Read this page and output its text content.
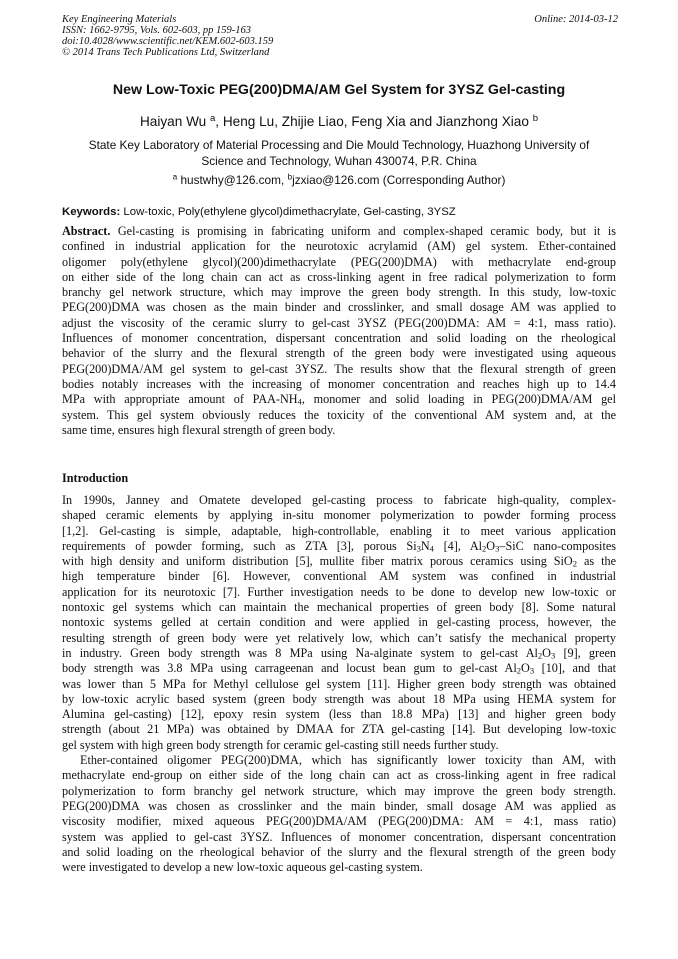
Key Engineering Materials
ISSN: 1662-9795, Vols. 602-603, pp 159-163
doi:10.4028/www.scientific.net/KEM.602-603.159
© 2014 Trans Tech Publications Ltd, Switzerland
Online: 2014-03-12
New Low-Toxic PEG(200)DMA/AM Gel System for 3YSZ Gel-casting
Haiyan Wu $^a$, Heng Lu, Zhijie Liao, Feng Xia and Jianzhong Xiao $^b$
State Key Laboratory of Material Processing and Die Mould Technology, Huazhong University of
Science and Technology, Wuhan 430074, P.R. China
$^a$ hustwhy@126.com, $^b$jzxiao@126.com (Corresponding Author)
Keywords: Low-toxic, Poly(ethylene glycol)dimethacrylate, Gel-casting, 3YSZ
Abstract. Gel-casting is promising in fabricating uniform and complex-shaped ceramic body, but it is
confined in industrial application for the neurotoxic acrylamid (AM) gel system. Ether-contained
oligomer poly(ethylene glycol)(200)dimethacrylate (PEG(200)DMA) with methacrylate end-group
on either side of the long chain can act as cross-linking agent in free radical polymerization to form
branchy gel network structure, which may improve the green body strength. In this study, low-toxic
PEG(200)DMA was chosen as the main binder and crosslinker, and small dosage AM was applied to
adjust the viscosity of the ceramic slurry to gel-cast 3YSZ (PEG(200)DMA: AM = 4:1, mass ratio).
Influences of monomer concentration, dispersant concentration and solid loading on the rheological
behavior of the slurry and the flexural strength of the green body were investigated using aqueous
PEG(200)DMA/AM gel system to gel-cast 3YSZ. The results show that the flexural strength of green
bodies notably increases with the increasing of monomer concentration and reaches high up to 14.4
MPa with appropriate amount of PAA-$NH_4$, monomer and solid loading in PEG(200)DMA/AM gel
system. This gel system obviously reduces the toxicity of the conventional AM system and, at the
same time, ensures high flexural strength of green body.
Introduction
In 1990s, Janney and Omatete developed gel-casting process to fabricate high-quality, complex-
shaped ceramic elements by applying in-situ monomer polymerization to powder forming process
[1,2]. Gel-casting is simple, adaptable, high-controllable, enabling it to meet various application
requirements of powder forming, such as ZTA [3], porous $Si_3N_4$ [4], $Al_2O_3$–SiC nano-composites
with high density and uniform distribution [5], mullite fiber matrix porous ceramics using SiO$_2$ as the
high temperature binder [6]. However, conventional AM system was confined in industrial
application for its neurotoxic [7]. Further investigation needs to be done to develop new low-toxic or
nontoxic gel systems which can maintain the mechanical properties of green body [8]. Some natural
nontoxic systems gelled at certain condition and were applied in gel-casting process, however, the
resulting strength of green body were yet relatively low, which can’t satisfy the mechanical property
in industry. Green body strength was 8 MPa using Na-alginate system to gel-cast $Al_2O_3$ [9], green
body strength was 3.8 MPa using carrageenan and locust bean gum to gel-cast $Al_2O_3$ [10], and that
was lower than 5 MPa for Methyl cellulose gel system [11]. Higher green body strength was obtained
by low-toxic acrylic based system (green body strength was about 18 MPa using HEMA system for
Alumina gel-casting) [12], epoxy resin system (less than 18.8 MPa) [13] and higher green body
strength (about 21 MPa) was obtained by DMAA for ZTA gel-casting [14]. But developing low-toxic
gel system with high green body strength for ceramic gel-casting still needs further study.
Ether-contained oligomer PEG(200)DMA, which has significantly lower toxicity than AM, with
methacrylate end-group on either side of the long chain can act as cross-linking agent in free radical
polymerization to form branchy gel network structure, which may improve the green body strength.
PEG(200)DMA was chosen as crosslinker and the main binder, small dosage AM was applied as
viscosity modifier, mixed aqueous PEG(200)DMA/AM (PEG(200)DMA: AM = 4:1, mass ratio)
system was applied to gel-cast 3YSZ. Influences of monomer concentration, dispersant concentration
and solid loading on the rheological behavior of the slurry and the flexural strength of the green body
were investigated to develop a new low-toxic aqueous gel-casting system.
